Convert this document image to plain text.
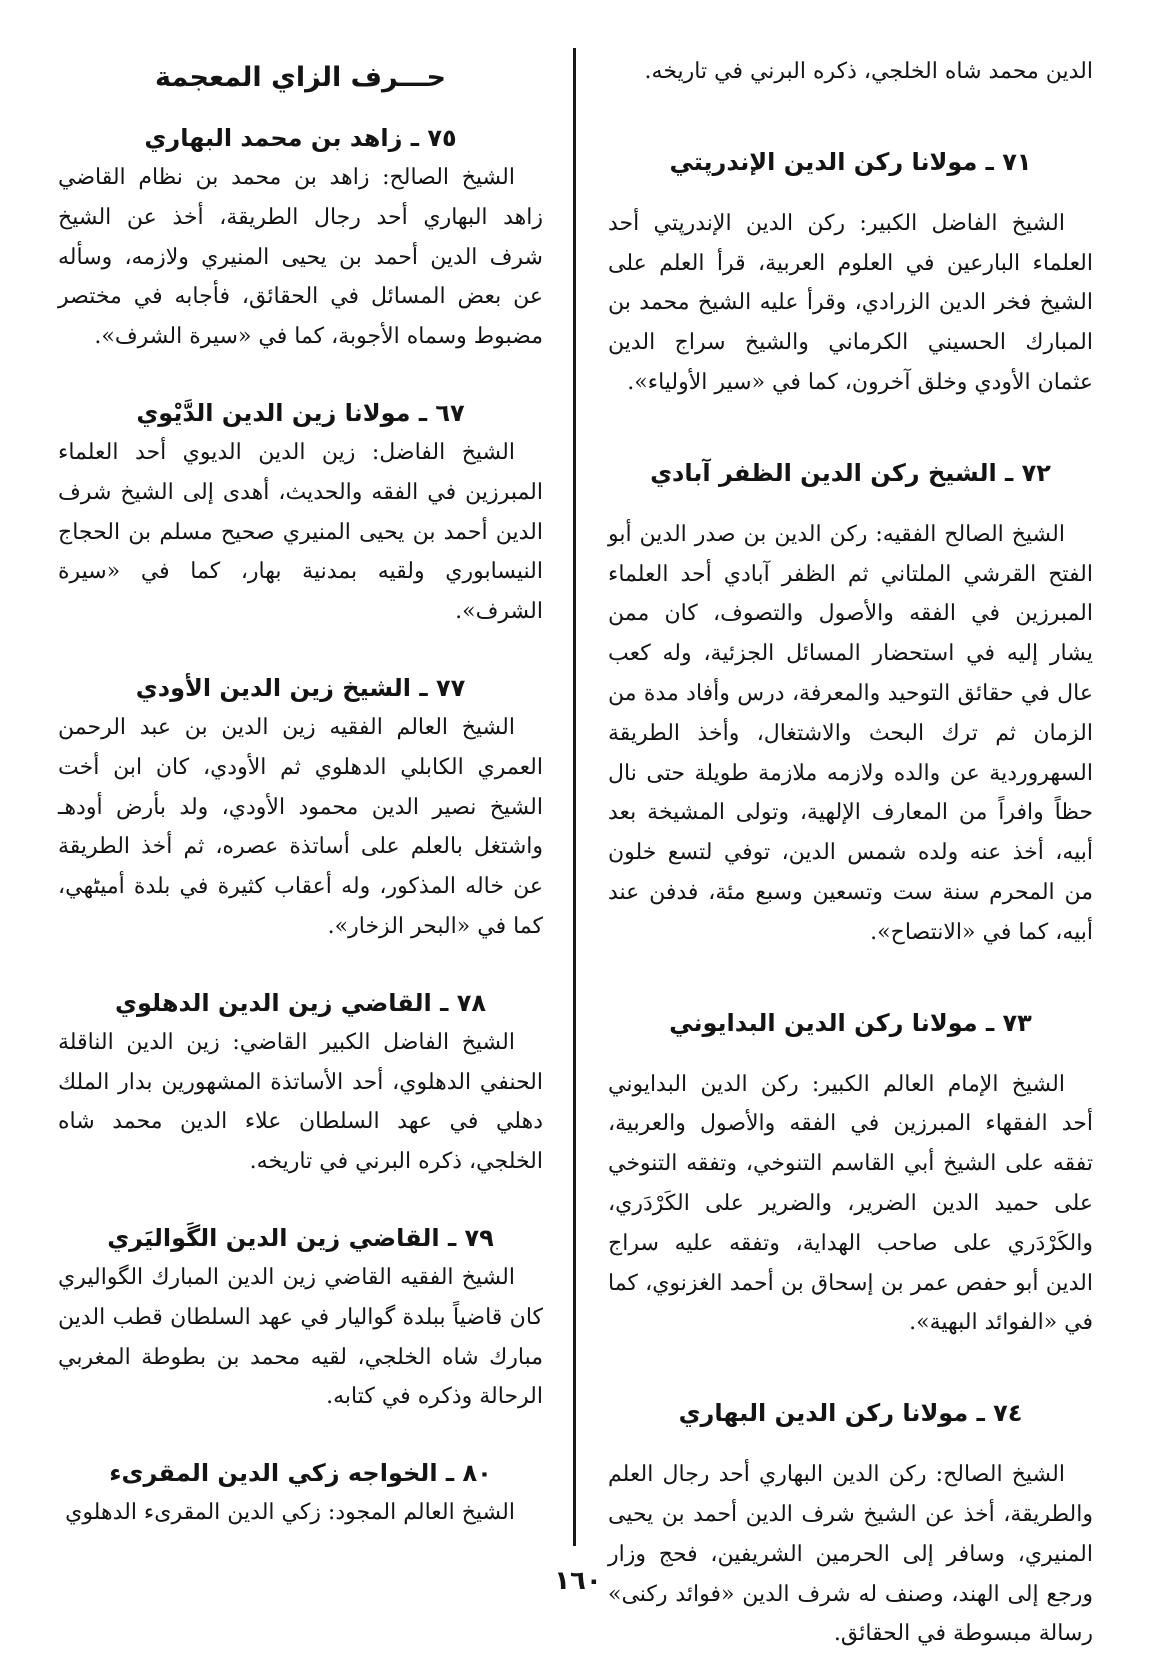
الدين محمد شاه الخلجي، ذكره البرني في تاريخه.

٧١ ـ مولانا ركن الدين الإندرپتي

الشيخ الفاضل الكبير: ركن الدين الإندرپتي أحد العلماء البارعين في العلوم العربية، قرأ العلم على الشيخ فخر الدين الزرادي، وقرأ عليه الشيخ محمد بن المبارك الحسيني الكرماني والشيخ سراج الدين عثمان الأودي وخلق آخرون، كما في «سير الأولياء».

٧٢ ـ الشيخ ركن الدين الظفر آبادي

الشيخ الصالح الفقيه: ركن الدين بن صدر الدين أبو الفتح القرشي الملتاني ثم الظفر آبادي أحد العلماء المبرزين في الفقه والأصول والتصوف، كان ممن يشار إليه في استحضار المسائل الجزئية، وله كعب عال في حقائق التوحيد والمعرفة، درس وأفاد مدة من الزمان ثم ترك البحث والاشتغال، وأخذ الطريقة السهروردية عن والده ولازمه ملازمة طويلة حتى نال حظاً وافراً من المعارف الإلهية، وتولى المشيخة بعد أبيه، أخذ عنه ولده شمس الدين، توفي لتسع خلون من المحرم سنة ست وتسعين وسبع مئة، فدفن عند أبيه، كما في «الانتصاح».

٧٣ ـ مولانا ركن الدين البدايوني

الشيخ الإمام العالم الكبير: ركن الدين البدايوني أحد الفقهاء المبرزين في الفقه والأصول والعربية، تفقه على الشيخ أبي القاسم التنوخي، وتفقه التنوخي على حميد الدين الضرير، والضرير على الكَرْدَري، والكَرْدَري على صاحب الهداية، وتفقه عليه سراج الدين أبو حفص عمر بن إسحاق بن أحمد الغزنوي، كما في «الفوائد البهية».

٧٤ ـ مولانا ركن الدين البهاري

الشيخ الصالح: ركن الدين البهاري أحد رجال العلم والطريقة، أخذ عن الشيخ شرف الدين أحمد بن يحيى المنيري، وسافر إلى الحرمين الشريفين، فحج وزار ورجع إلى الهند، وصنف له شرف الدين «فوائد ركنى» رسالة مبسوطة في الحقائق.

حـــرف الزاي المعجمة
٧٥ ـ زاهد بن محمد البهاري

الشيخ الصالح: زاهد بن محمد بن نظام القاضي زاهد البهاري أحد رجال الطريقة، أخذ عن الشيخ شرف الدين أحمد بن يحيى المنيري ولازمه، وسأله عن بعض المسائل في الحقائق، فأجابه في مختصر مضبوط وسماه الأجوبة، كما في «سيرة الشرف».

٦٧ ـ مولانا زين الدين الدَّيْوي

الشيخ الفاضل: زين الدين الديوي أحد العلماء المبرزين في الفقه والحديث، أهدى إلى الشيخ شرف الدين أحمد بن يحيى المنيري صحيح مسلم بن الحجاج النيسابوري ولقيه بمدنية بهار، كما في «سيرة الشرف».

٧٧ ـ الشيخ زين الدين الأودي

الشيخ العالم الفقيه زين الدين بن عبد الرحمن العمري الكابلي الدهلوي ثم الأودي، كان ابن أخت الشيخ نصير الدين محمود الأودي، ولد بأرض أودهـ واشتغل بالعلم على أساتذة عصره، ثم أخذ الطريقة عن خاله المذكور، وله أعقاب كثيرة في بلدة أميٹهي، كما في «البحر الزخار».

٧٨ ـ القاضي زين الدين الدهلوي

الشيخ الفاضل الكبير القاضي: زين الدين الناقلة الحنفي الدهلوي، أحد الأساتذة المشهورين بدار الملك دهلي في عهد السلطان علاء الدين محمد شاه الخلجي، ذكره البرني في تاريخه.

٧٩ ـ القاضي زين الدين الگَواليَري

الشيخ الفقيه القاضي زين الدين المبارك الگواليري كان قاضياً ببلدة گواليار في عهد السلطان قطب الدين مبارك شاه الخلجي، لقيه محمد بن بطوطة المغربي الرحالة وذكره في كتابه.

٨٠ ـ الخواجه زكي الدين المقرىء

الشيخ العالم المجود: زكي الدين المقرىء الدهلوي

١٦٠
